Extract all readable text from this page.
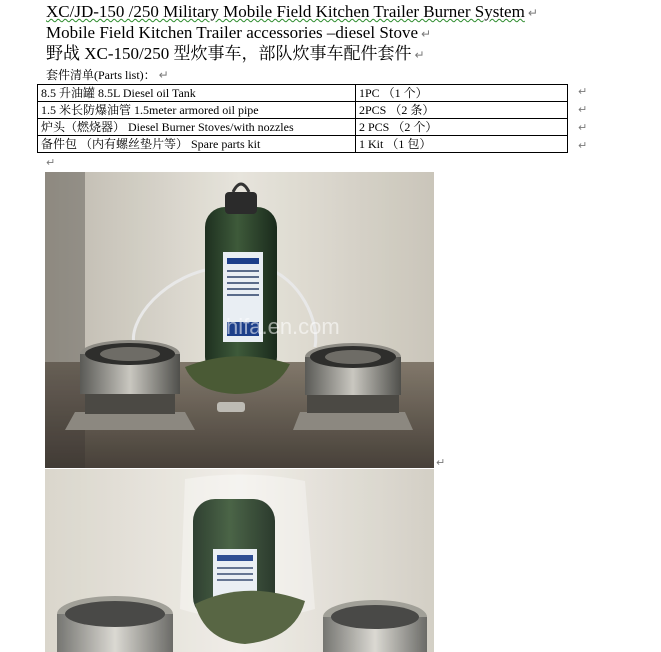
XC/JD-150 /250 Military Mobile Field Kitchen Trailer Burner System ↵
Mobile Field Kitchen Trailer accessories –diesel Stove ↵
野战 XC-150/250 型炊事车，部队炊事车配件套件 ↵
套件清单(Parts list)： ↵
8.5 升油罐 8.5L Diesel oil Tank	1PC （1 个）
1.5 米长防爆油管 1.5meter armored oil pipe	2PCS （2 条）
炉头（燃烧器） Diesel Burner Stoves/with nozzles	2 PCS （2 个）
备件包 （内有螺丝垫片等） Spare parts kit	1 Kit （1 包）
↵
↵
↵
↵
↵
↵
hifa.en.com
